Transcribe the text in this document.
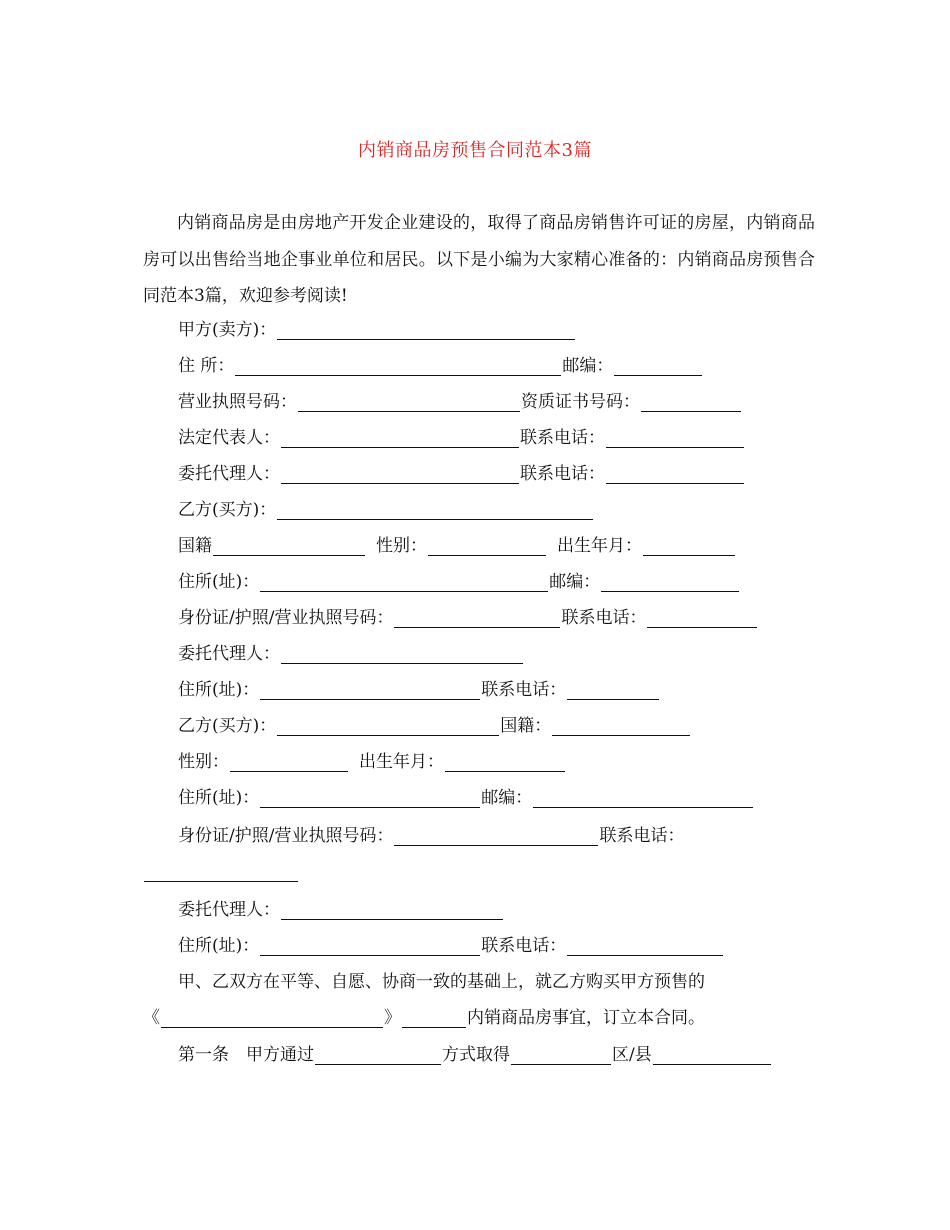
内销商品房预售合同范本3篇

内销商品房是由房地产开发企业建设的，取得了商品房销售许可证的房屋，内销商品房可以出售给当地企事业单位和居民。以下是小编为大家精心准备的：内销商品房预售合同范本3篇，欢迎参考阅读!

甲方(卖方)：
住 所：	邮编：
营业执照号码：	资质证书号码：
法定代表人：	联系电话：
委托代理人：	联系电话：
乙方(买方)：
国籍	性别：	出生年月：
住所(址)：	邮编：
身份证/护照/营业执照号码：	联系电话：
委托代理人：
住所(址)：	联系电话：
乙方(买方)：	国籍：
性别：	出生年月：
住所(址)：	邮编：
身份证/护照/营业执照号码：	联系电话：
委托代理人：
住所(址)：	联系电话：
甲、乙双方在平等、自愿、协商一致的基础上，就乙方购买甲方预售的
《	》	内销商品房事宜，订立本合同。
第一条　甲方通过	方式取得	区/县
